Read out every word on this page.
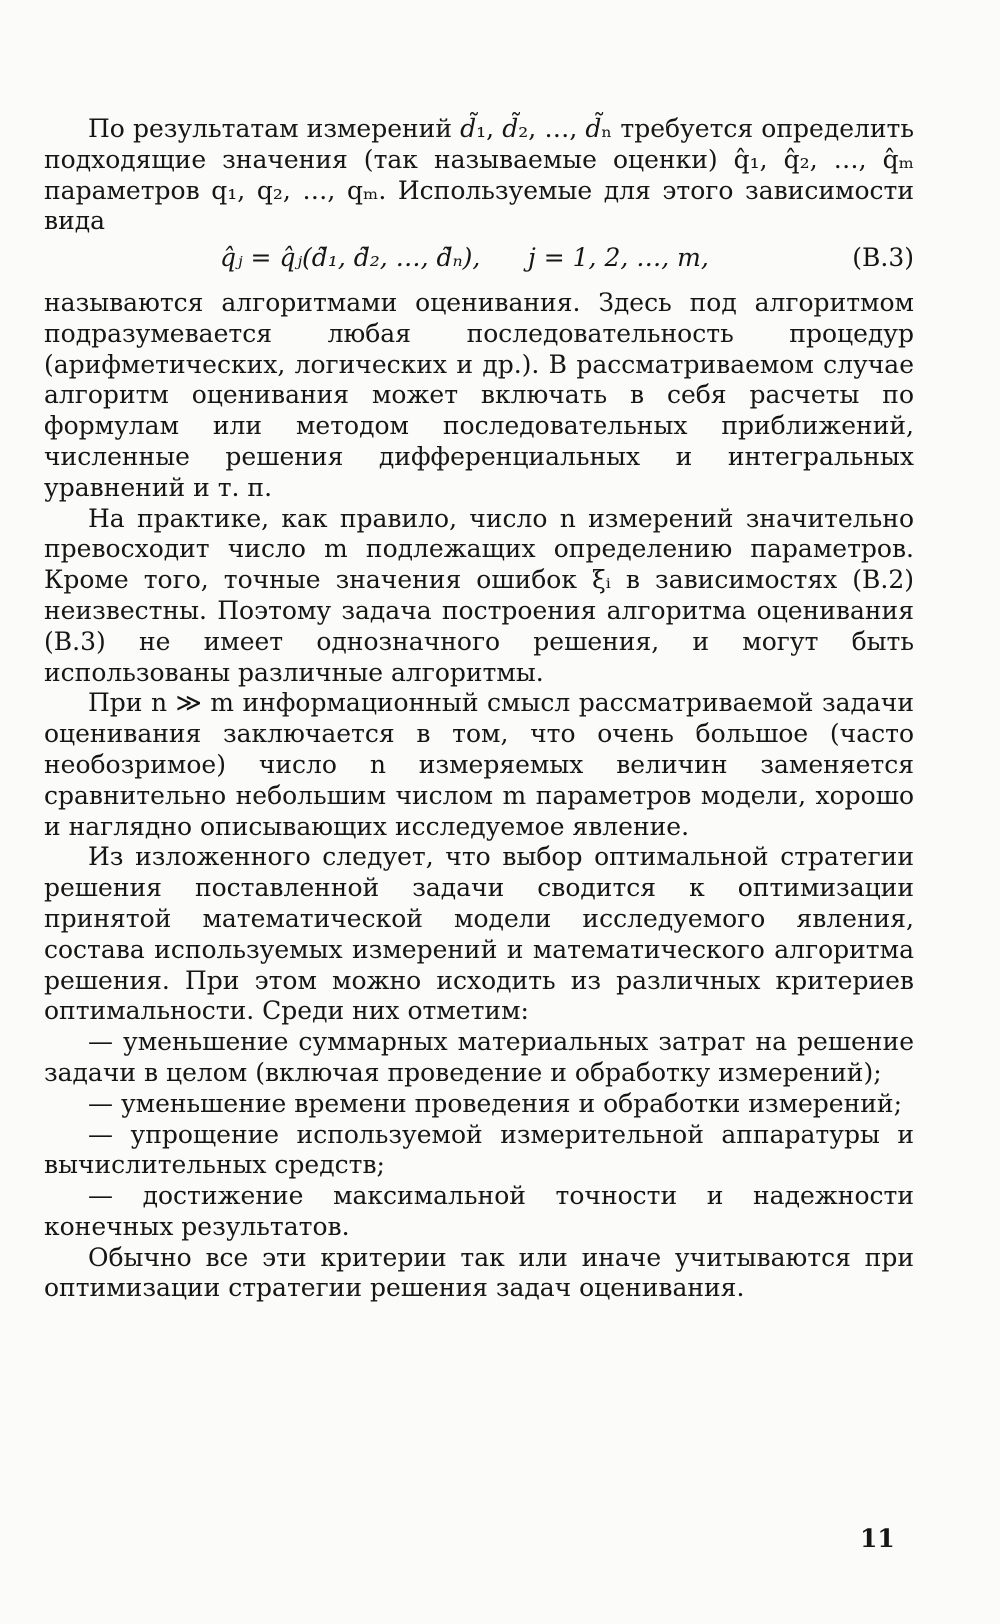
По результатам измерений 𝑑̃₁, 𝑑̃₂, …, 𝑑̃ₙ требуется определить подходящие значения (так называемые оценки) q̂₁, q̂₂, …, q̂ₘ параметров q₁, q₂, …, qₘ. Используемые для этого зависимости вида

q̂ⱼ = q̂ⱼ(𝑑̃₁, 𝑑̃₂, …, 𝑑̃ₙ),      j = 1, 2, …, m,	(В.3)

называются алгоритмами оценивания. Здесь под алгоритмом подразумевается любая последовательность процедур (арифметических, логических и др.). В рассматриваемом случае алгоритм оценивания может включать в себя расчеты по формулам или методом последовательных приближений, численные решения дифференциальных и интегральных уравнений и т. п.

На практике, как правило, число n измерений значительно превосходит число m подлежащих определению параметров. Кроме того, точные значения ошибок ξᵢ в зависимостях (В.2) неизвестны. Поэтому задача построения алгоритма оценивания (В.3) не имеет однозначного решения, и могут быть использованы различные алгоритмы.

При n ≫ m информационный смысл рассматриваемой задачи оценивания заключается в том, что очень большое (часто необозримое) число n измеряемых величин заменяется сравнительно небольшим числом m параметров модели, хорошо и наглядно описывающих исследуемое явление.

Из изложенного следует, что выбор оптимальной стратегии решения поставленной задачи сводится к оптимизации принятой математической модели исследуемого явления, состава используемых измерений и математического алгоритма решения. При этом можно исходить из различных критериев оптимальности. Среди них отметим:

— уменьшение суммарных материальных затрат на решение задачи в целом (включая проведение и обработку измерений);

— уменьшение времени проведения и обработки измерений;

— упрощение используемой измерительной аппаратуры и вычислительных средств;

— достижение максимальной точности и надежности конечных результатов.

Обычно все эти критерии так или иначе учитываются при оптимизации стратегии решения задач оценивания.

11
